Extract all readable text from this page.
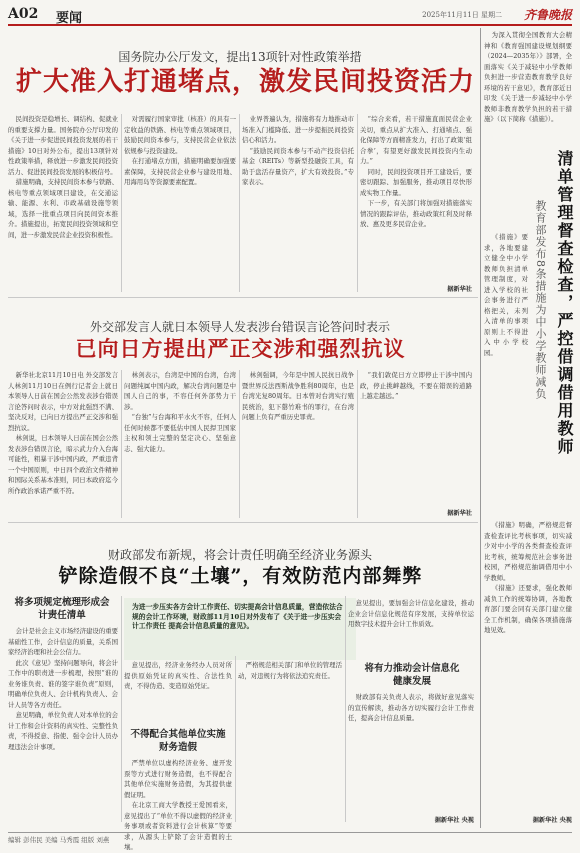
A02 要闻	2025年11月11日 星期二 齐鲁晚报
国务院办公厅发文，提出13项针对性政策举措
扩大准入打通堵点，激发民间投资活力

民间投资是稳增长、调结构、促就业的重要支撑力量。国务院办公厅印发的《关于进一步促进民间投资发展的若干措施》10日对外公布，提出13项针对性政策举措，释放进一步激发民间投资活力、促进民间投资发展的积极信号。

措施明确，支持民间资本参与铁路、核电等重点领域项目建设，在交通运输、能源、水利、市政基础设施等领域，选择一批重点项目向民间资本推介。措施提出，拓宽民间投资领域和空间，进一步激发民营企业投资积极性。

对需履行国家审批（核准）的具有一定收益的铁路、核电等重点领域项目，鼓励民间资本参与，支持民营企业依法依规参与投资建设。

在打通堵点方面，措施明确要加强要素保障，支持民营企业参与建设用地、用海用岛等资源要素配置。

业界普遍认为，措施将有力地推动市场准入门槛降低、进一步提振民间投资信心和活力。

“鼓励民间资本参与不动产投资信托基金（REITs）等新型投融资工具，有助于盘活存量资产，扩大有效投资。”专家表示。

“综合来看，若干措施直面民营企业关切，重点从扩大准入、打通堵点、强化保障等方面精准发力，打出了政策‘组合拳’，有望更好激发民间投资内生动力。”

同时，民间投资项目开工建设后，要密切跟踪、加强服务，推动项目尽快形成实物工作量。

下一步，有关部门将加强对措施落实情况的跟踪评估，推动政策红利及时释放、惠及更多民营企业。

据新华社
外交部发言人就日本领导人发表涉台错误言论答问时表示
已向日方提出严正交涉和强烈抗议

新华社北京11月10日电 外交部发言人林剑11月10日在例行记者会上就日本领导人日前在国会公然发表涉台错误言论答问时表示，中方对此强烈不满、坚决反对，已向日方提出严正交涉和强烈抗议。

林剑说，日本领导人日前在国会公然发表涉台错误言论，暗示武力介入台海可能性，粗暴干涉中国内政，严重违背一个中国原则，中日四个政治文件精神和国际关系基本准则，同日本政府迄今所作政治承诺严重不符。

林剑表示，台湾是中国的台湾，台湾问题纯属中国内政，解决台湾问题是中国人自己的事，不容任何外部势力干涉。

“台独”与台海和平水火不容，任何人任何时候都不要低估中国人民捍卫国家主权和领土完整的坚定决心、坚强意志、强大能力。

林剑强调，今年是中国人民抗日战争暨世界反法西斯战争胜利80周年，也是台湾光复80周年。日本曾对台湾实行殖民统治，犯下罄竹难书的罪行，在台湾问题上负有严重历史罪责。

“我们敦促日方立即停止干涉中国内政，停止挑衅越线，不要在错误的道路上越走越远。”

据新华社
财政部发布新规，将会计责任明确至经济业务源头
铲除造假不良“土壤”，有效防范内部舞弊
将多项规定梳理形成会计责任清单
为进一步压实各方会计工作责任、切实提高会计信息质量，营造依法合规的会计工作环境，财政部11月10日对外发布了《关于进一步压实会计工作责任 提高会计信息质量的意见》。

会计是社会主义市场经济建设的重要基础性工作，会计信息的质量，关系国家经济治理和社会公信力。

此次《意见》坚持问题导向，将会计工作中的职责进一步梳理，按照“谁的业务谁负责、谁的签字谁负责”原则，明确单位负责人、会计机构负责人、会计人员等各方责任。

意见明确，单位负责人对本单位的会计工作和会计资料的真实性、完整性负责，不得授意、指使、强令会计人员办理违法会计事项。

意见提出，经济业务经办人员对所提供原始凭证的真实性、合法性负责，不得伪造、变造原始凭证。

不得配合其他单位实施财务造假

严禁单位以虚构经济业务、虚开发票等方式进行财务造假，也不得配合其他单位实施财务造假，为其提供虚假证明。

在北京工商大学教授王爱国看来，意见提出了“单位不得以虚假的经济业务事项或者资料进行会计核算”等要求，从源头上铲除了会计造假的土壤。

严格规范相关部门和单位的管理活动，对违规行为将依法追究责任。

意见提出，要加强会计信息化建设，推动企业会计信息化规范有序发展，支持单位运用数字技术提升会计工作质效。

将有力推动会计信息化健康发展

财政部有关负责人表示，将做好意见落实的宣传解读，推动各方切实履行会计工作责任，提高会计信息质量。

据新华社 央视

为深入贯彻全国教育大会精神和《教育强国建设规划纲要（2024—2035年）》部署，全面落实《关于减轻中小学教师负担进一步营造教育教学良好环境的若干意见》，教育部近日印发《关于进一步减轻中小学教师非教育教学负担的若干措施》（以下简称《措施》）。

清单管理督查检查，严控借调借用教师
教育部发布8条措施为中小学教师减负

《措施》要求，各地要建立健全中小学教师负担清单管理制度，对进入学校的社会事务进行严格把关，未列入清单的事项原则上不得进入中小学校园。

《措施》明确，严格规范督查检查评比考核事项，切实减少对中小学的各类督查检查评比考核，统筹规范社会事务进校园，严格规范抽调借用中小学教师。

《措施》还要求，强化教师减负工作的统筹协调，各地教育部门要会同有关部门建立健全工作机制，确保各项措施落地见效。

据新华社 央视
编辑 彭伟民 美编 马秀霞 组版 刘燕
